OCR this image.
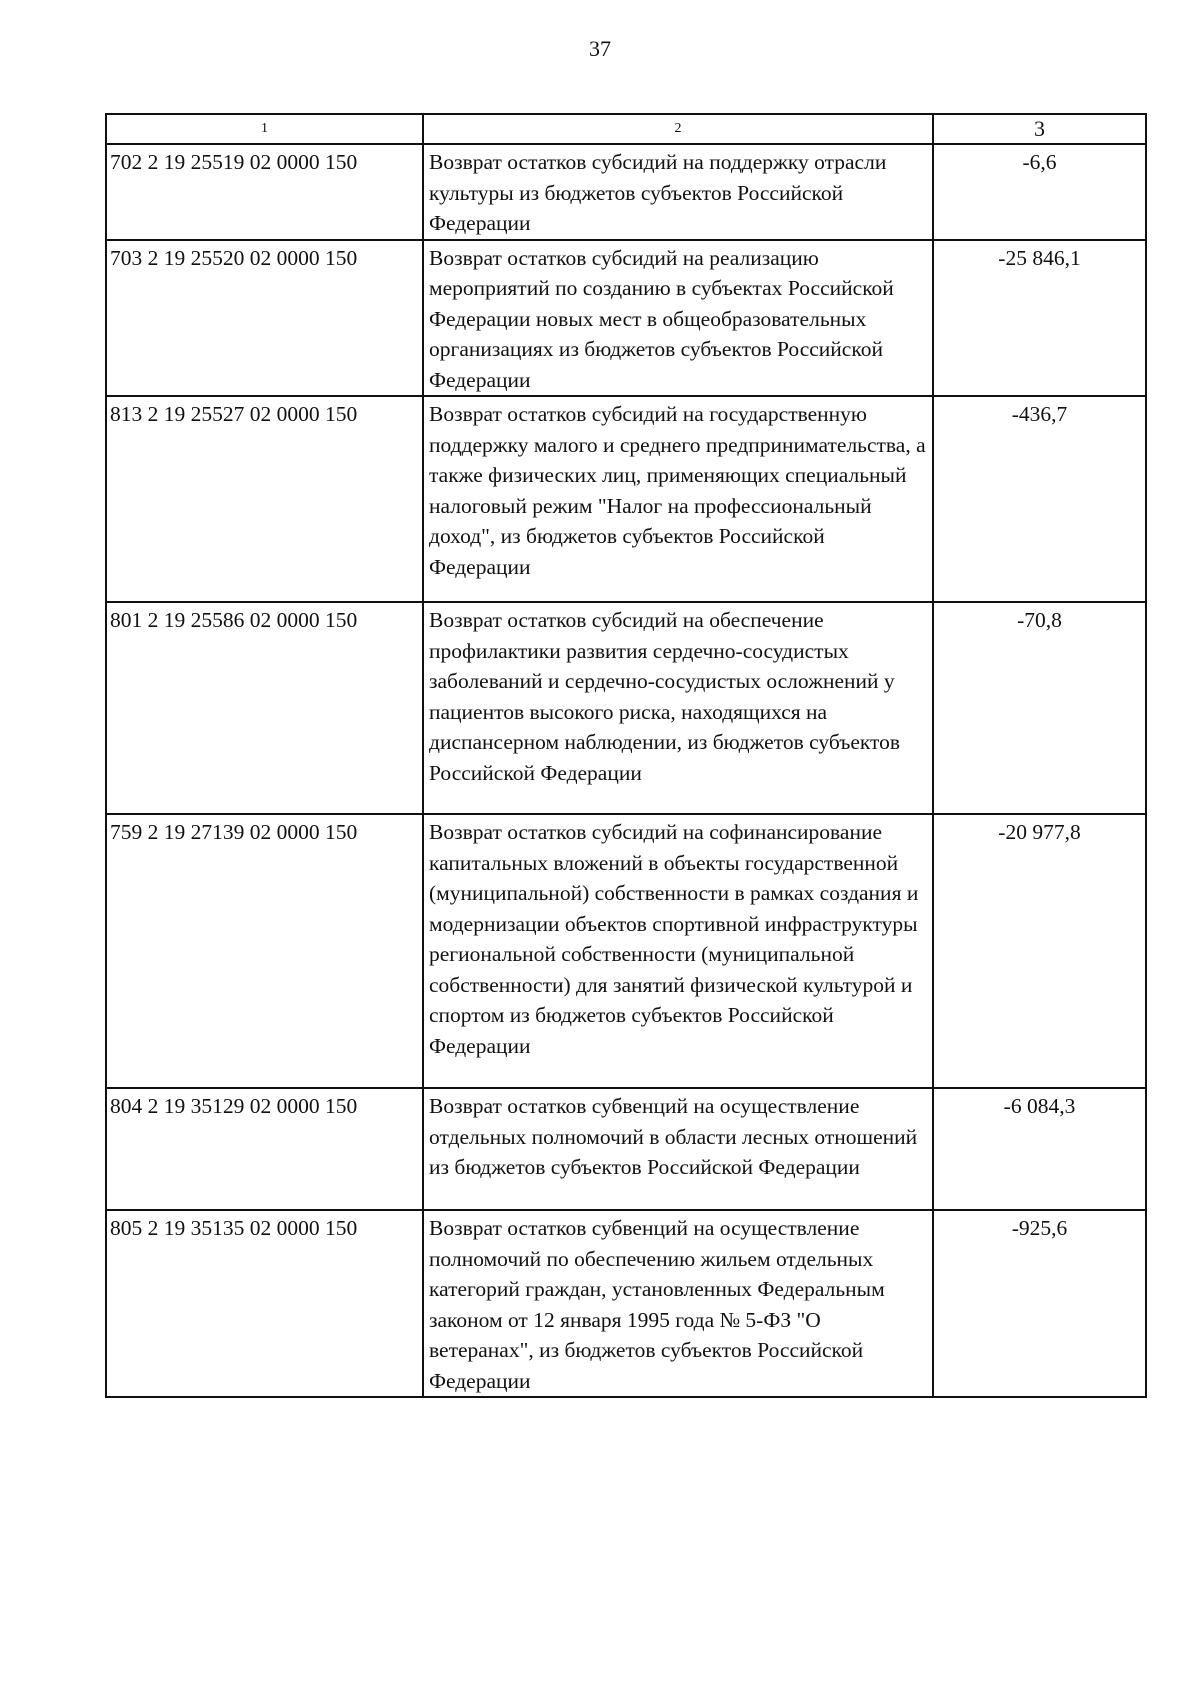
37
1	2	3
702 2 19 25519 02 0000 150	Возврат остатков субсидий на поддержку отрасли культуры из бюджетов субъектов Российской Федерации	-6,6
703 2 19 25520 02 0000 150	Возврат остатков субсидий на реализацию мероприятий по созданию в субъектах Российской Федерации новых мест в общеобразовательных организациях из бюджетов субъектов Российской Федерации	-25 846,1
813 2 19 25527 02 0000 150	Возврат остатков субсидий на государственную поддержку малого и среднего предпринимательства, а также физических лиц, применяющих специальный налоговый режим "Налог на профессиональный доход", из бюджетов субъектов Российской Федерации	-436,7
801 2 19 25586 02 0000 150	Возврат остатков субсидий на обеспечение профилактики развития сердечно-сосудистых заболеваний и сердечно-сосудистых осложнений у пациентов высокого риска, находящихся на диспансерном наблюдении, из бюджетов субъектов Российской Федерации	-70,8
759 2 19 27139 02 0000 150	Возврат остатков субсидий на софинансирование капитальных вложений в объекты государственной (муниципальной) собственности в рамках создания и модернизации объектов спортивной инфраструктуры региональной собственности (муниципальной собственности) для занятий физической культурой и спортом из бюджетов субъектов Российской Федерации	-20 977,8
804 2 19 35129 02 0000 150	Возврат остатков субвенций на осуществление отдельных полномочий в области лесных отношений из бюджетов субъектов Российской Федерации	-6 084,3
805 2 19 35135 02 0000 150	Возврат остатков субвенций на осуществление полномочий по обеспечению жильем отдельных категорий граждан, установленных Федеральным законом от 12 января 1995 года № 5-ФЗ "О ветеранах", из бюджетов субъектов Российской Федерации	-925,6
